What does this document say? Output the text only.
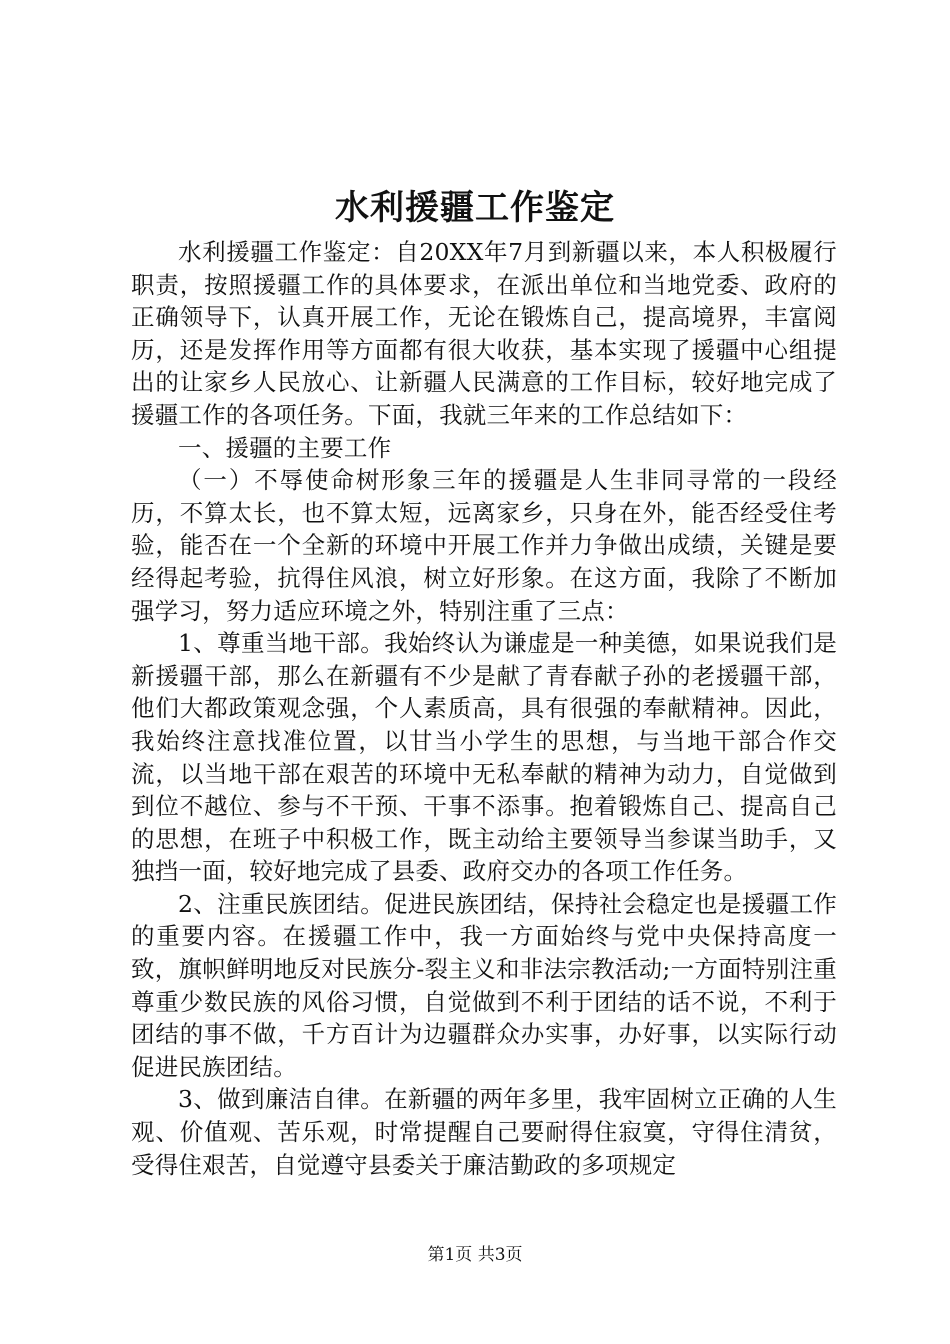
水利援疆工作鉴定

水利援疆工作鉴定：自20XX年7月到新疆以来，本人积极履行职责，按照援疆工作的具体要求，在派出单位和当地党委、政府的正确领导下，认真开展工作，无论在锻炼自己，提高境界，丰富阅历，还是发挥作用等方面都有很大收获，基本实现了援疆中心组提出的让家乡人民放心、让新疆人民满意的工作目标，较好地完成了援疆工作的各项任务。下面，我就三年来的工作总结如下：

一、援疆的主要工作

（一）不辱使命树形象三年的援疆是人生非同寻常的一段经历，不算太长，也不算太短，远离家乡，只身在外，能否经受住考验，能否在一个全新的环境中开展工作并力争做出成绩，关键是要经得起考验，抗得住风浪，树立好形象。在这方面，我除了不断加强学习，努力适应环境之外，特别注重了三点：

1、尊重当地干部。我始终认为谦虚是一种美德，如果说我们是新援疆干部，那么在新疆有不少是献了青春献子孙的老援疆干部，他们大都政策观念强，个人素质高，具有很强的奉献精神。因此，我始终注意找准位置，以甘当小学生的思想，与当地干部合作交流，以当地干部在艰苦的环境中无私奉献的精神为动力，自觉做到到位不越位、参与不干预、干事不添事。抱着锻炼自己、提高自己的思想，在班子中积极工作，既主动给主要领导当参谋当助手，又独挡一面，较好地完成了县委、政府交办的各项工作任务。

2、注重民族团结。促进民族团结，保持社会稳定也是援疆工作的重要内容。在援疆工作中，我一方面始终与党中央保持高度一致，旗帜鲜明地反对民族分-裂主义和非法宗教活动;一方面特别注重尊重少数民族的风俗习惯，自觉做到不利于团结的话不说，不利于团结的事不做，千方百计为边疆群众办实事，办好事，以实际行动促进民族团结。

3、做到廉洁自律。在新疆的两年多里，我牢固树立正确的人生观、价值观、苦乐观，时常提醒自己要耐得住寂寞，守得住清贫，受得住艰苦，自觉遵守县委关于廉洁勤政的多项规定

第1页 共3页
